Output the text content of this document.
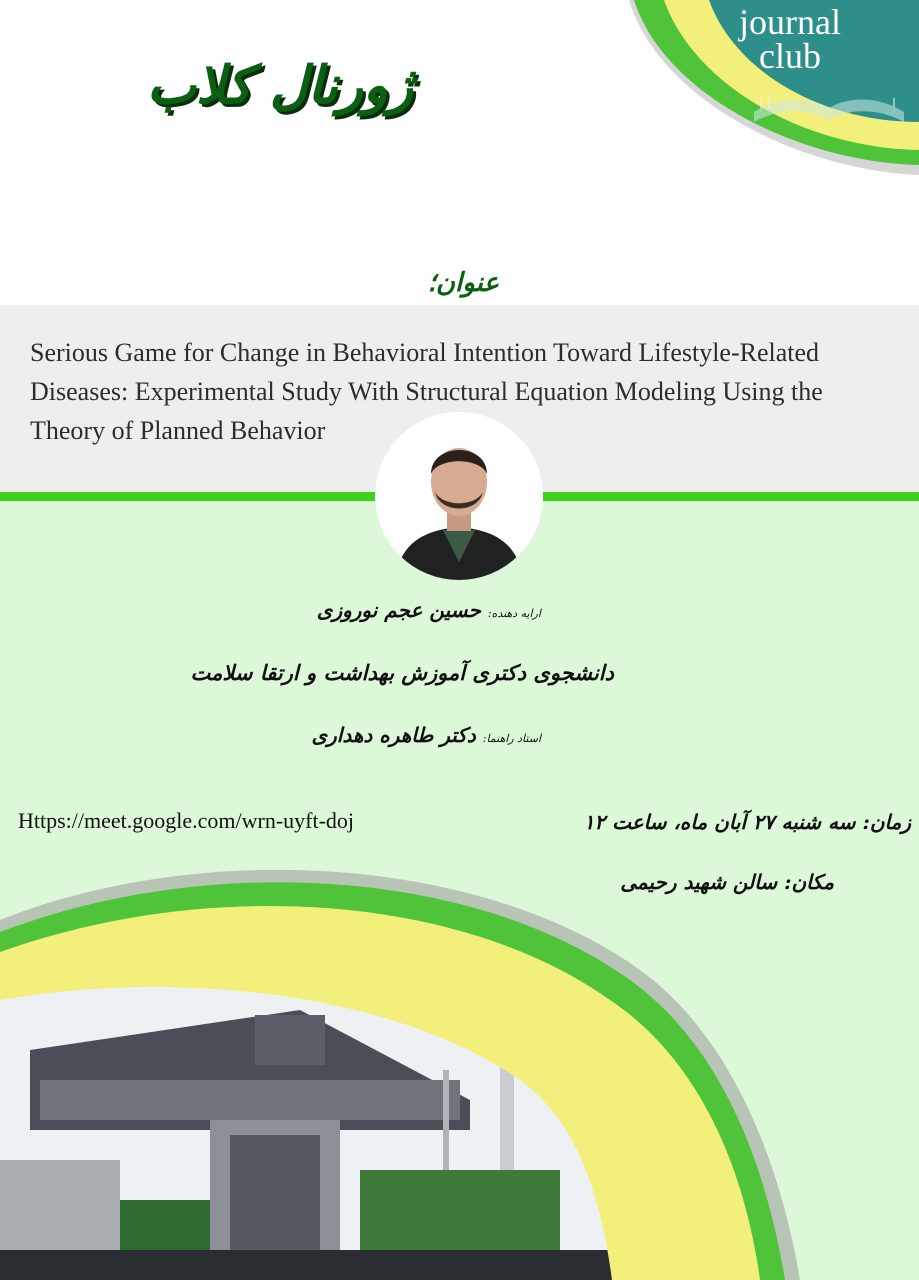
journal
club
ژورنال کلاب
عنوان؛
Serious Game for Change in Behavioral Intention Toward Lifestyle-Related Diseases: Experimental Study With Structural Equation Modeling Using the Theory of Planned Behavior
ارایه دهنده: حسین عجم نوروزی
دانشجوی دکتری آموزش بهداشت و ارتقا سلامت
استاد راهنما: دکتر طاهره دهداری
Https://meet.google.com/wrn-uyft-doj	زمان: سه شنبه ۲۷ آبان ماه، ساعت ۱۲
مکان: سالن شهید رحیمی
